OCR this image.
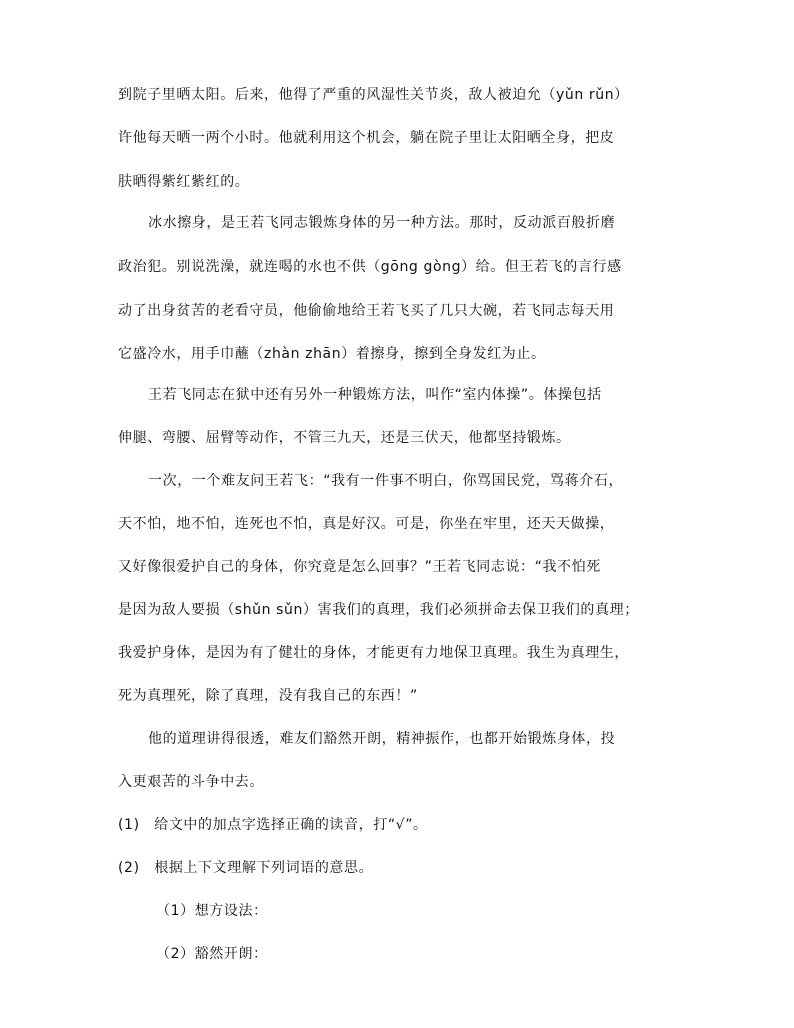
到院子里晒太阳。后来，他得了严重的风湿性关节炎，敌人被迫允（yǔn rǔn）
许他每天晒一两个小时。他就利用这个机会，躺在院子里让太阳晒全身，把皮
肤晒得紫红紫红的。
冰水擦身，是王若飞同志锻炼身体的另一种方法。那时，反动派百般折磨
政治犯。别说洗澡，就连喝的水也不供（gōng gòng）给。但王若飞的言行感
动了出身贫苦的老看守员，他偷偷地给王若飞买了几只大碗，若飞同志每天用
它盛冷水，用手巾蘸（zhàn zhān）着擦身，擦到全身发红为止。
王若飞同志在狱中还有另外一种锻炼方法，叫作“室内体操”。体操包括
伸腿、弯腰、屈臂等动作，不管三九天，还是三伏天，他都坚持锻炼。
一次，一个难友问王若飞：“我有一件事不明白，你骂国民党，骂蒋介石，
天不怕，地不怕，连死也不怕，真是好汉。可是，你坐在牢里，还天天做操，
又好像很爱护自己的身体，你究竟是怎么回事？”王若飞同志说：“我不怕死
是因为敌人要损（shǔn sǔn）害我们的真理，我们必须拼命去保卫我们的真理；
我爱护身体，是因为有了健壮的身体，才能更有力地保卫真理。我生为真理生，
死为真理死，除了真理，没有我自己的东西！”
他的道理讲得很透，难友们豁然开朗，精神振作，也都开始锻炼身体，投
入更艰苦的斗争中去。
(1)　给文中的加点字选择正确的读音，打“√”。
(2)　根据上下文理解下列词语的意思。
（1）想方设法：
（2）豁然开朗：
